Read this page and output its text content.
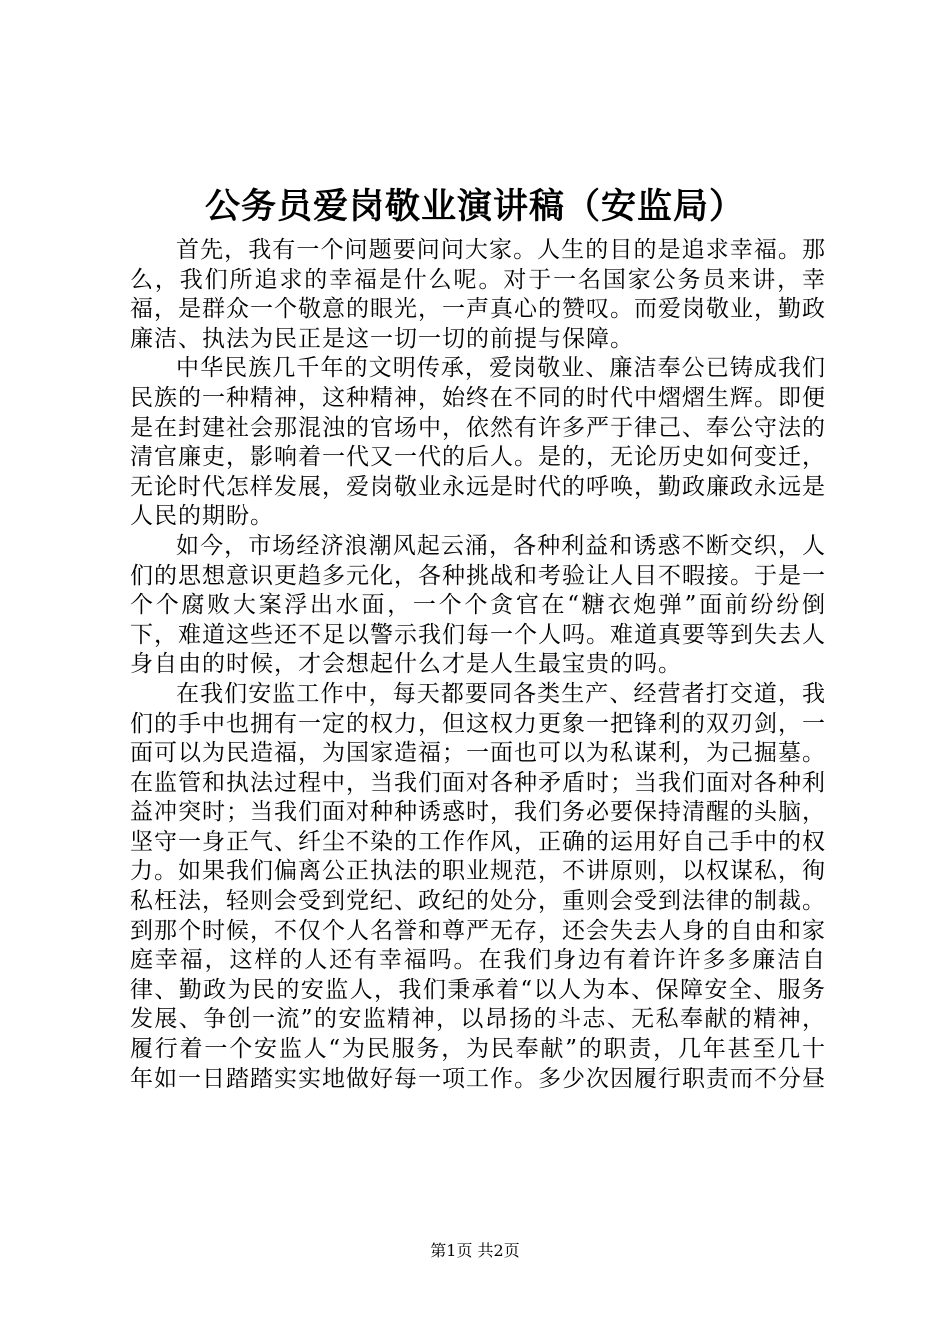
公务员爱岗敬业演讲稿（安监局）

首先，我有一个问题要问问大家。人生的目的是追求幸福。那么，我们所追求的幸福是什么呢。对于一名国家公务员来讲，幸福，是群众一个敬意的眼光，一声真心的赞叹。而爱岗敬业，勤政廉洁、执法为民正是这一切一切的前提与保障。

中华民族几千年的文明传承，爱岗敬业、廉洁奉公已铸成我们民族的一种精神，这种精神，始终在不同的时代中熠熠生辉。即便是在封建社会那混浊的官场中，依然有许多严于律己、奉公守法的清官廉吏，影响着一代又一代的后人。是的，无论历史如何变迁，无论时代怎样发展，爱岗敬业永远是时代的呼唤，勤政廉政永远是人民的期盼。

如今，市场经济浪潮风起云涌，各种利益和诱惑不断交织，人们的思想意识更趋多元化，各种挑战和考验让人目不暇接。于是一个个腐败大案浮出水面，一个个贪官在“糖衣炮弹”面前纷纷倒下，难道这些还不足以警示我们每一个人吗。难道真要等到失去人身自由的时候，才会想起什么才是人生最宝贵的吗。

在我们安监工作中，每天都要同各类生产、经营者打交道，我们的手中也拥有一定的权力，但这权力更象一把锋利的双刃剑，一面可以为民造福，为国家造福；一面也可以为私谋利，为己掘墓。在监管和执法过程中，当我们面对各种矛盾时；当我们面对各种利益冲突时；当我们面对种种诱惑时，我们务必要保持清醒的头脑，坚守一身正气、纤尘不染的工作作风，正确的运用好自己手中的权力。如果我们偏离公正执法的职业规范，不讲原则，以权谋私，徇私枉法，轻则会受到党纪、政纪的处分，重则会受到法律的制裁。到那个时候，不仅个人名誉和尊严无存，还会失去人身的自由和家庭幸福，这样的人还有幸福吗。在我们身边有着许许多多廉洁自律、勤政为民的安监人，我们秉承着“以人为本、保障安全、服务发展、争创一流”的安监精神，以昂扬的斗志、无私奉献的精神，履行着一个安监人“为民服务，为民奉献”的职责，几年甚至几十年如一日踏踏实实地做好每一项工作。多少次因履行职责而不分昼

第1页 共2页
